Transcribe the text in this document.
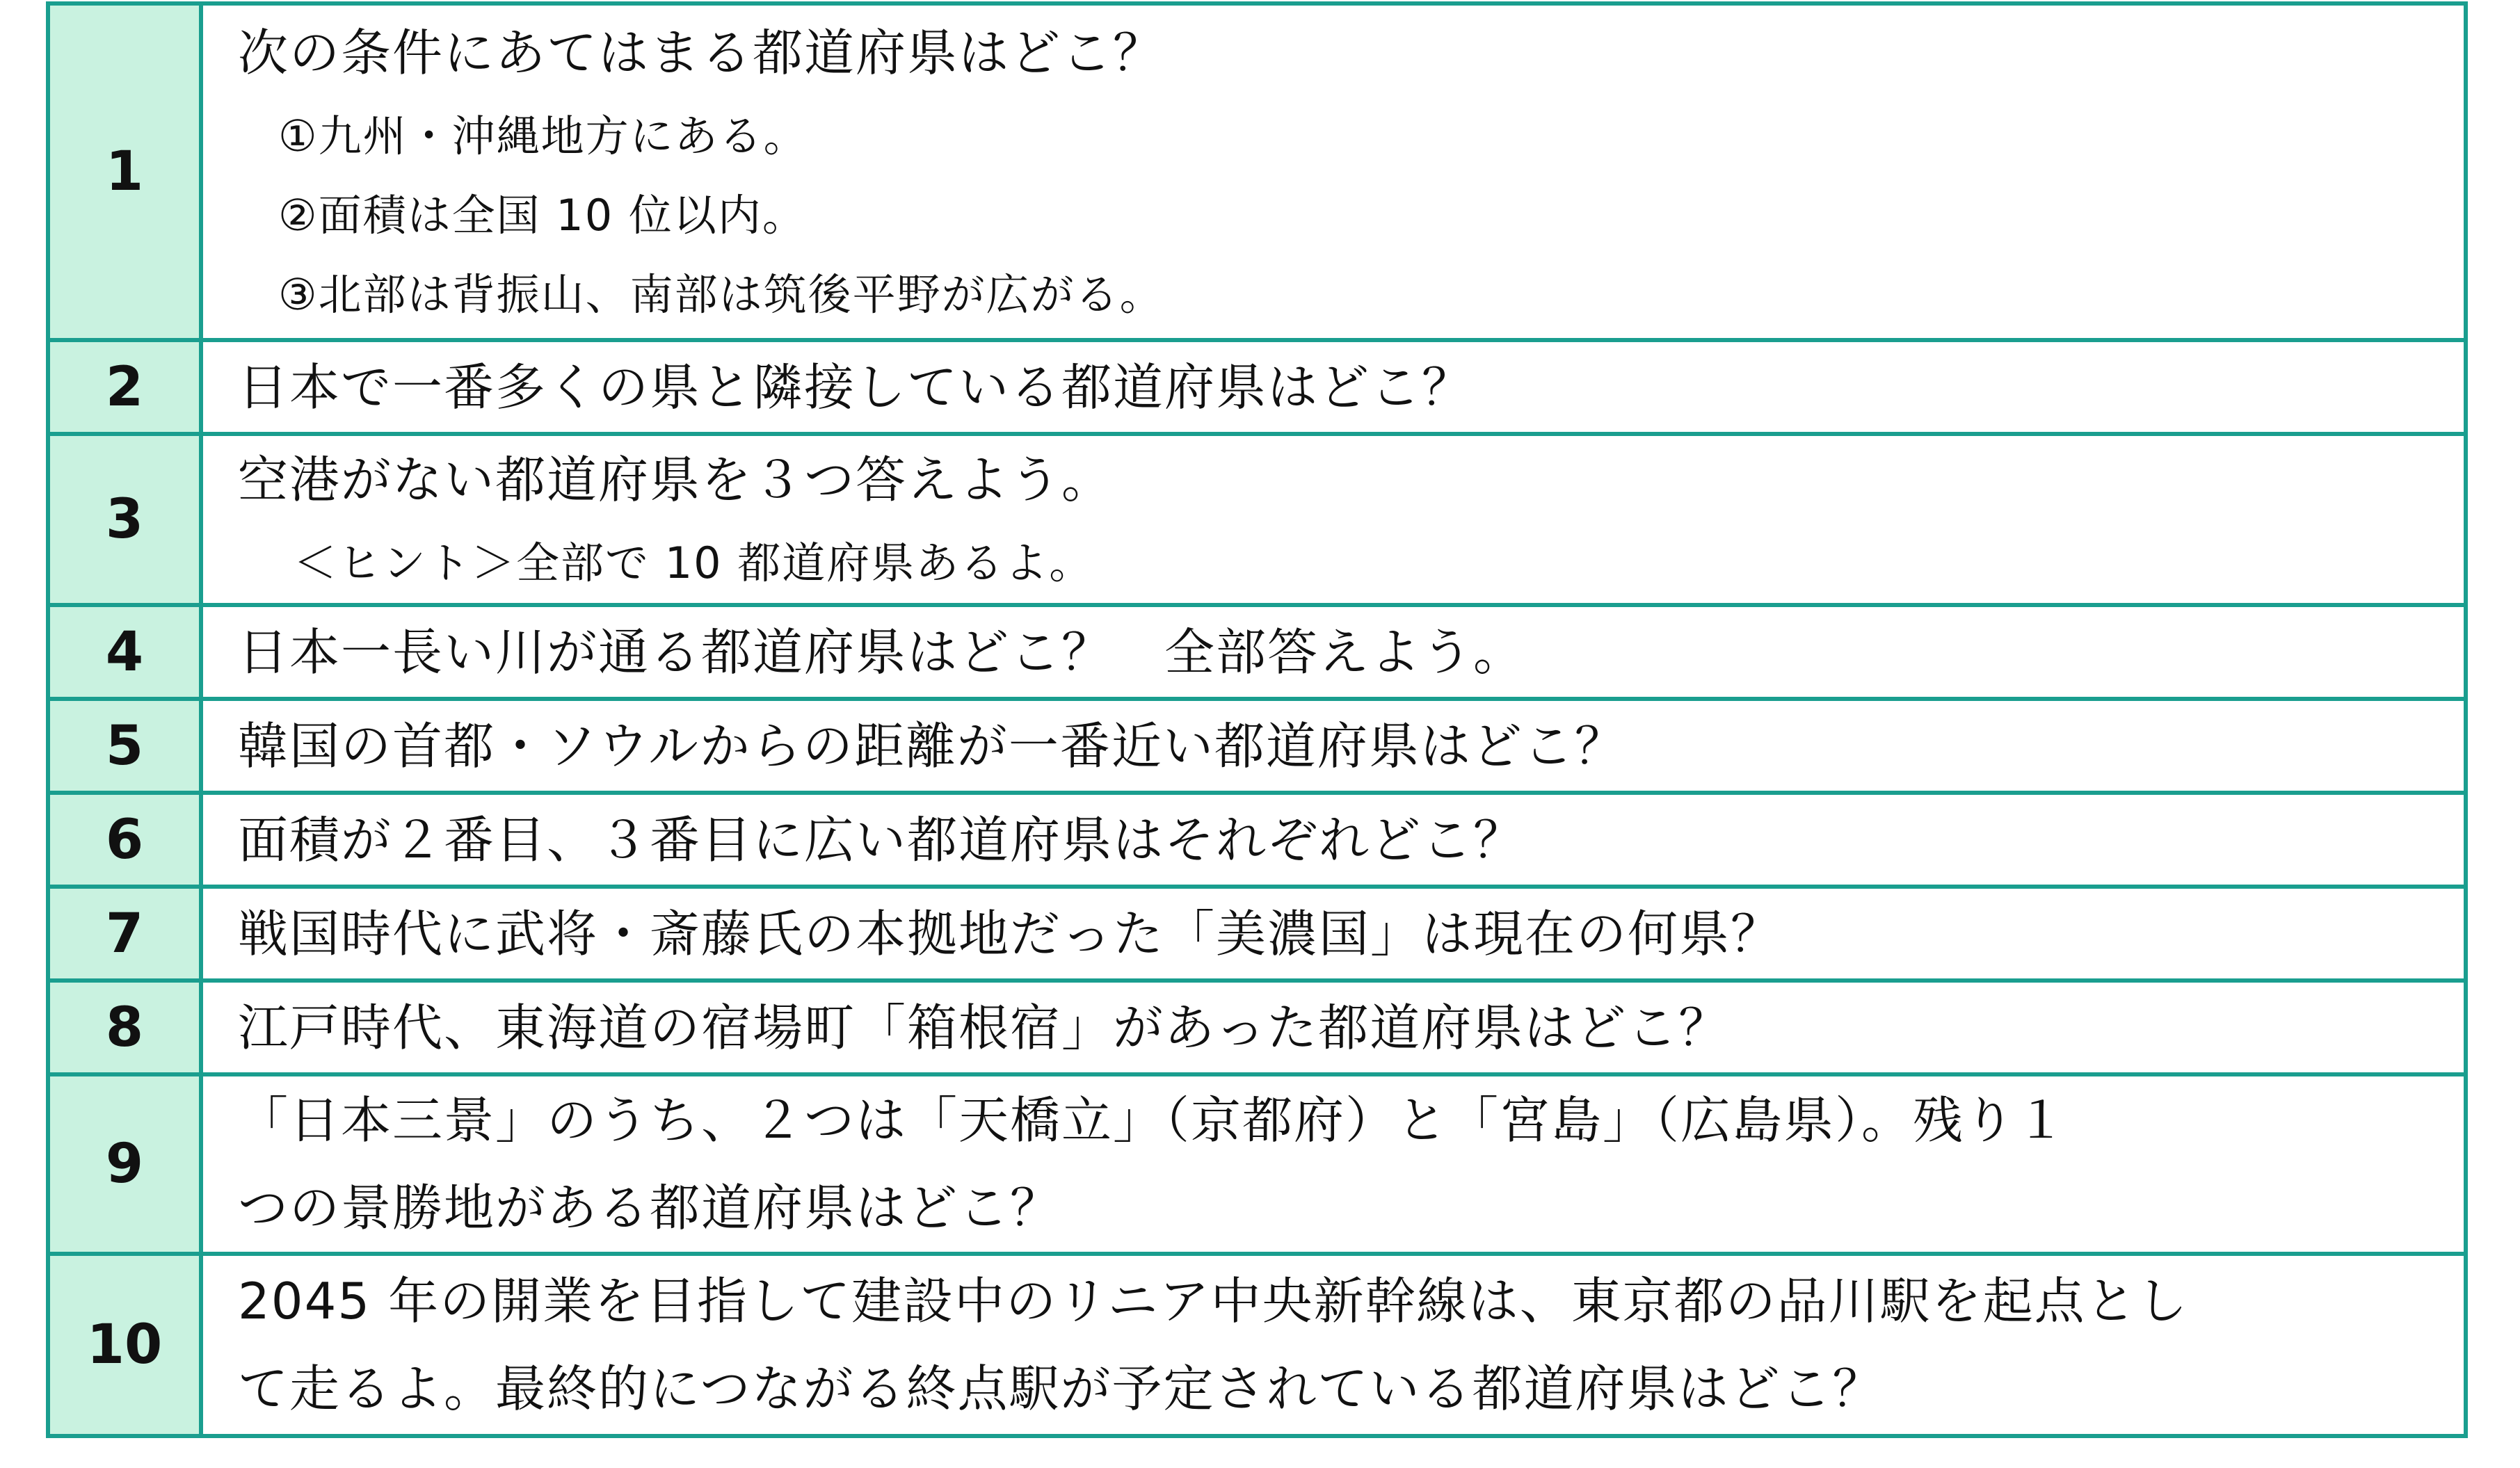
1	次の条件にあてはまる都道府県はどこ？
①九州・沖縄地方にある。
②面積は全国 10 位以内。
③北部は背振山、南部は筑後平野が広がる。

2	日本で一番多くの県と隣接している都道府県はどこ？

3	空港がない都道府県を３つ答えよう。
＜ヒント＞全部で 10 都道府県あるよ。

4	日本一長い川が通る都道府県はどこ？　全部答えよう。

5	韓国の首都・ソウルからの距離が一番近い都道府県はどこ？

6	面積が２番目、３番目に広い都道府県はそれぞれどこ？

7	戦国時代に武将・斎藤氏の本拠地だった「美濃国」は現在の何県？

8	江戸時代、東海道の宿場町「箱根宿」があった都道府県はどこ？

9	「日本三景」のうち、２つは「天橋立」（京都府）と「宮島」（広島県）。残り１
つの景勝地がある都道府県はどこ？

10	2045 年の開業を目指して建設中のリニア中央新幹線は、東京都の品川駅を起点とし
て走るよ。最終的につながる終点駅が予定されている都道府県はどこ？
